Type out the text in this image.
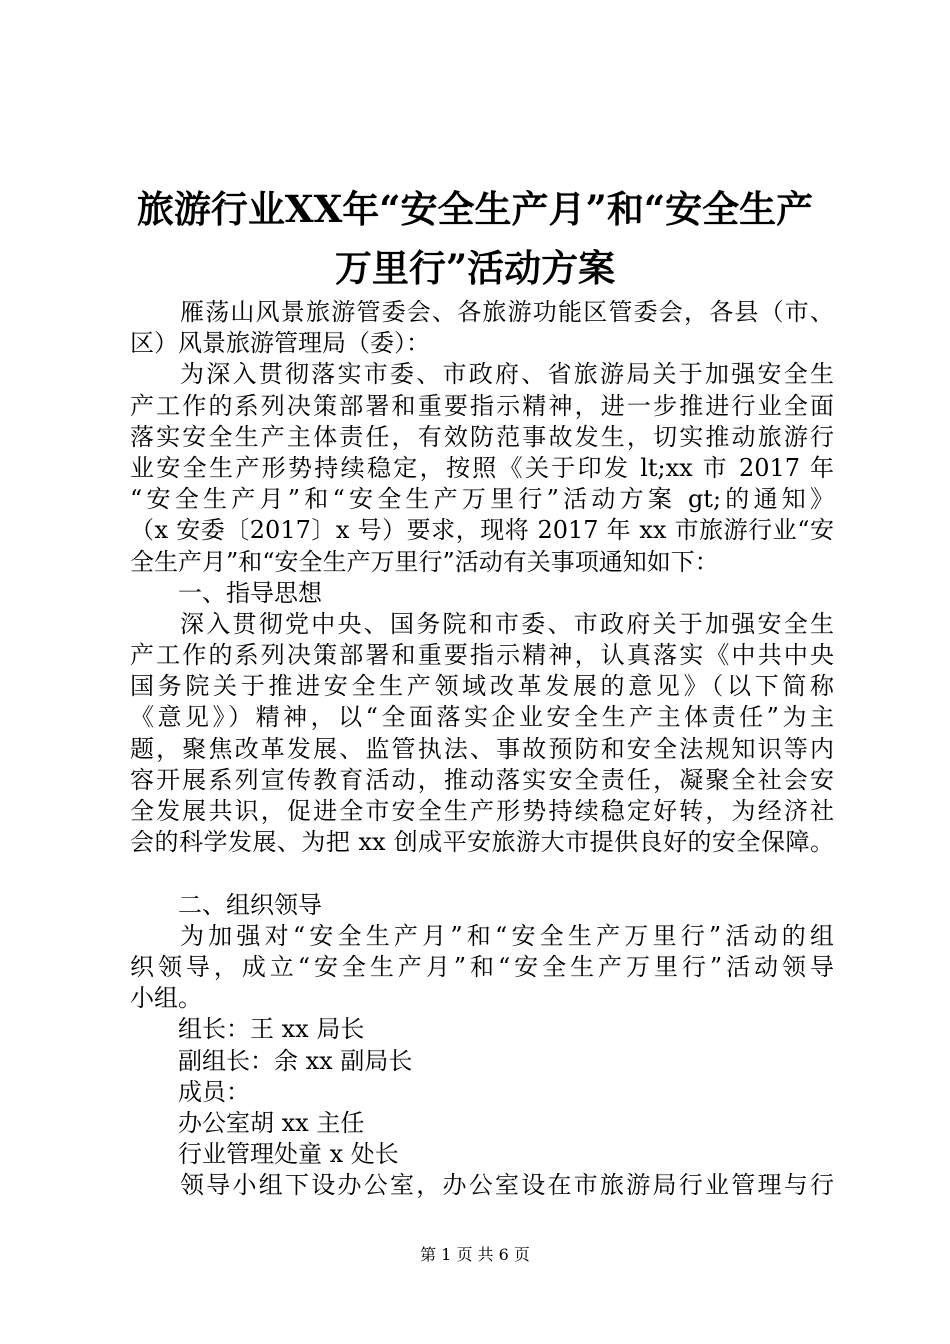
旅游行业XX年“安全生产月”和“安全生产
万里行”活动方案
雁荡山风景旅游管委会、各旅游功能区管委会，各县（市、
区）风景旅游管理局（委）：
为深入贯彻落实市委、市政府、省旅游局关于加强安全生
产工作的系列决策部署和重要指示精神，进一步推进行业全面
落实安全生产主体责任，有效防范事故发生，切实推动旅游行
业安全生产形势持续稳定，按照《关于印发 lt;xx 市 2017 年
“安全生产月”和“安全生产万里行”活动方案 gt;的通知》
（x 安委〔2017〕x 号）要求，现将 2017 年 xx 市旅游行业“安
全生产月”和“安全生产万里行”活动有关事项通知如下：
一、指导思想
深入贯彻党中央、国务院和市委、市政府关于加强安全生
产工作的系列决策部署和重要指示精神，认真落实《中共中央
国务院关于推进安全生产领域改革发展的意见》（以下简称
《意见》）精神，以“全面落实企业安全生产主体责任”为主
题，聚焦改革发展、监管执法、事故预防和安全法规知识等内
容开展系列宣传教育活动，推动落实安全责任，凝聚全社会安
全发展共识，促进全市安全生产形势持续稳定好转，为经济社
会的科学发展、为把 xx 创成平安旅游大市提供良好的安全保障。
二、组织领导
为加强对“安全生产月”和“安全生产万里行”活动的组
织领导，成立“安全生产月”和“安全生产万里行”活动领导
小组。
组长：王 xx 局长
副组长：余 xx 副局长
成员：
办公室胡 xx 主任
行业管理处童 x 处长
领导小组下设办公室，办公室设在市旅游局行业管理与行
第 1 页 共 6 页
